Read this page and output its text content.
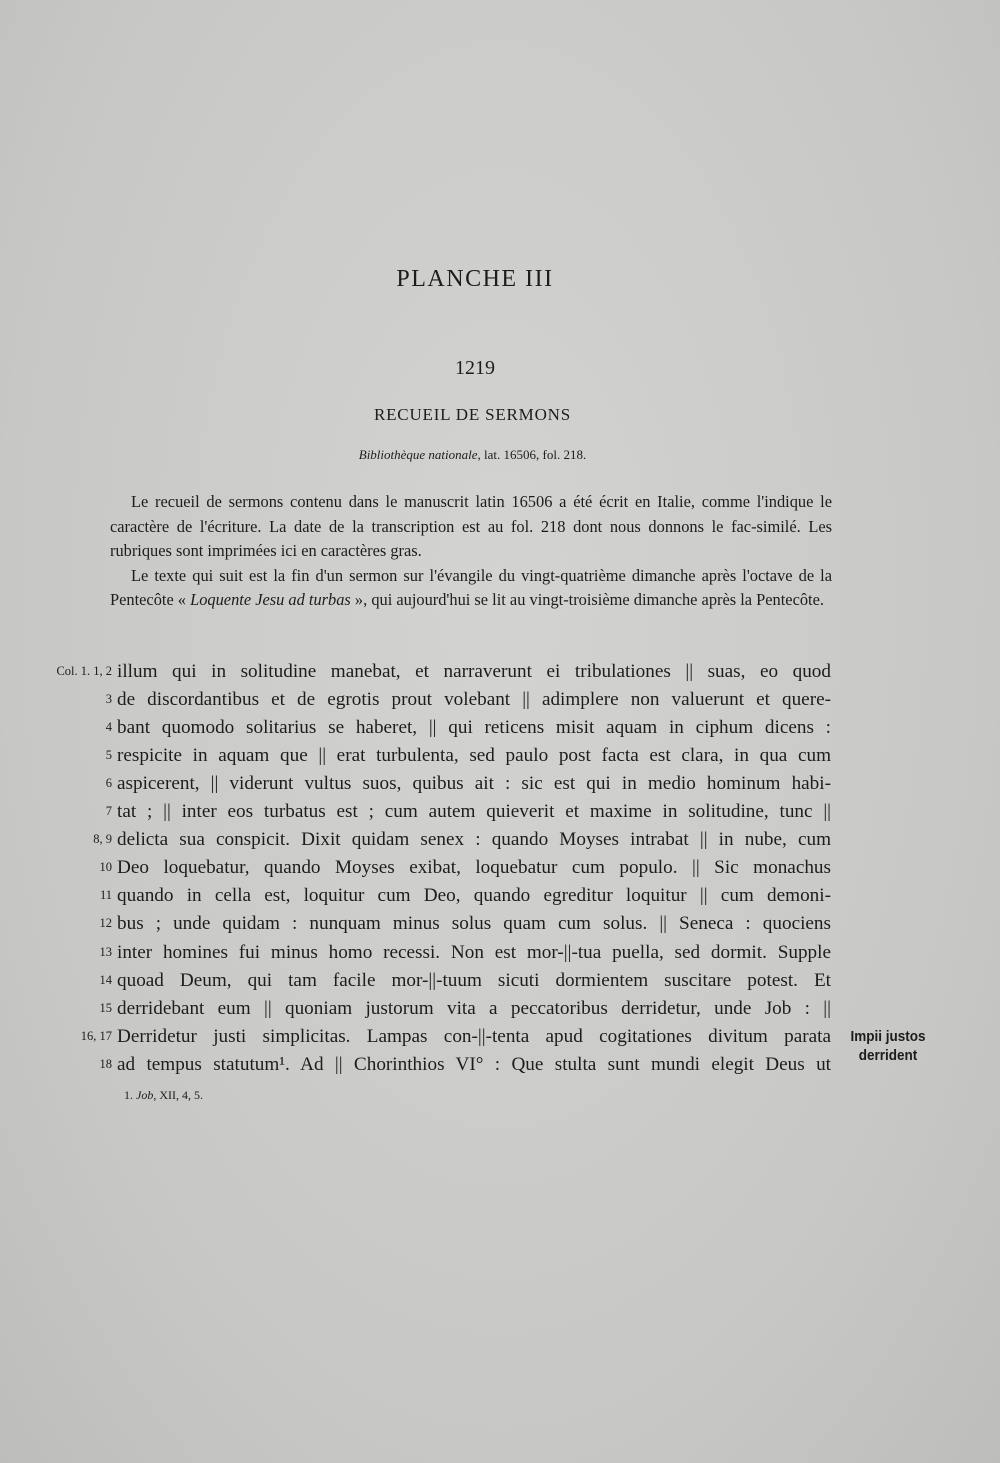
PLANCHE III
1219
RECUEIL DE SERMONS
Bibliothèque nationale, lat. 16506, fol. 218.

Le recueil de sermons contenu dans le manuscrit latin 16506 a été écrit en Italie, comme l'indique le caractère de l'écriture. La date de la transcription est au fol. 218 dont nous donnons le fac-similé. Les rubriques sont imprimées ici en caractères gras.

Le texte qui suit est la fin d'un sermon sur l'évangile du vingt-quatrième dimanche après l'octave de la Pentecôte « Loquente Jesu ad turbas », qui aujourd'hui se lit au vingt-troisième dimanche après la Pentecôte.

Col. 1. 1, 2 illum qui in solitudine manebat, et narraverunt ei tribulationes || suas, eo quod
3 de discordantibus et de egrotis prout volebant || adimplere non valuerunt et quere-
4 bant quomodo solitarius se haberet, || qui reticens misit aquam in ciphum dicens :
5 respicite in aquam que || erat turbulenta, sed paulo post facta est clara, in qua cum
6 aspicerent, || viderunt vultus suos, quibus ait : sic est qui in medio hominum habi-
7 tat ; || inter eos turbatus est ; cum autem quieverit et maxime in solitudine, tunc ||
8, 9 delicta sua conspicit. Dixit quidam senex : quando Moyses intrabat || in nube, cum
10 Deo loquebatur, quando Moyses exibat, loquebatur cum populo. || Sic monachus
11 quando in cella est, loquitur cum Deo, quando egreditur loquitur || cum demoni-
12 bus ; unde quidam : nunquam minus solus quam cum solus. || Seneca : quociens
13 inter homines fui minus homo recessi. Non est mor-||-tua puella, sed dormit. Supple
14 quoad Deum, qui tam facile mor-||-tuum sicuti dormientem suscitare potest. Et
15 derridebant eum || quoniam justorum vita a peccatoribus derridetur, unde Job : ||
16, 17 Derridetur justi simplicitas. Lampas con-||-tenta apud cogitationes divitum parata
18 ad tempus statutum¹. Ad || Chorinthios VI° : Que stulta sunt mundi elegit Deus ut
Impii justos
derrident
1. Job, XII, 4, 5.
